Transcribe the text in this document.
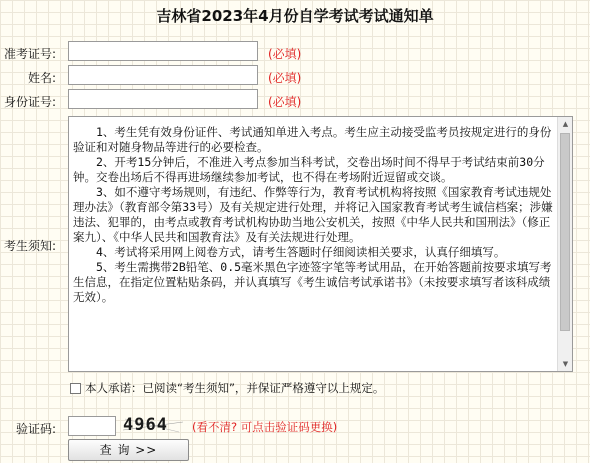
吉林省2023年4月份自学考试考试通知单
准考证号:	(必填)
姓名:	(必填)
身份证号:	(必填)
考生须知:

1、考生凭有效身份证件、考试通知单进入考点。考生应主动接受监考员按规定进行的身份验证和对随身物品等进行的必要检查。

2、开考15分钟后，不准进入考点参加当科考试，交卷出场时间不得早于考试结束前30分钟。交卷出场后不得再进场继续参加考试，也不得在考场附近逗留或交谈。

3、如不遵守考场规则，有违纪、作弊等行为，教育考试机构将按照《国家教育考试违规处理办法》（教育部令第33号）及有关规定进行处理，并将记入国家教育考试考生诚信档案；涉嫌违法、犯罪的，由考点或教育考试机构协助当地公安机关，按照《中华人民共和国刑法》（修正案九）、《中华人民共和国教育法》及有关法规进行处理。

4、考试将采用网上阅卷方式，请考生答题时仔细阅读相关要求，认真仔细填写。

5、考生需携带2B铅笔、0.5毫米黑色字迹签字笔等考试用品，在开始答题前按要求填写考生信息，在指定位置粘贴条码，并认真填写《考生诚信考试承诺书》（未按要求填写者该科成绩无效）。

▲
▼
本人承诺：已阅读“考生须知”，并保证严格遵守以上规定。
验证码:	4964 (看不清? 可点击验证码更换)
查 询 >>
